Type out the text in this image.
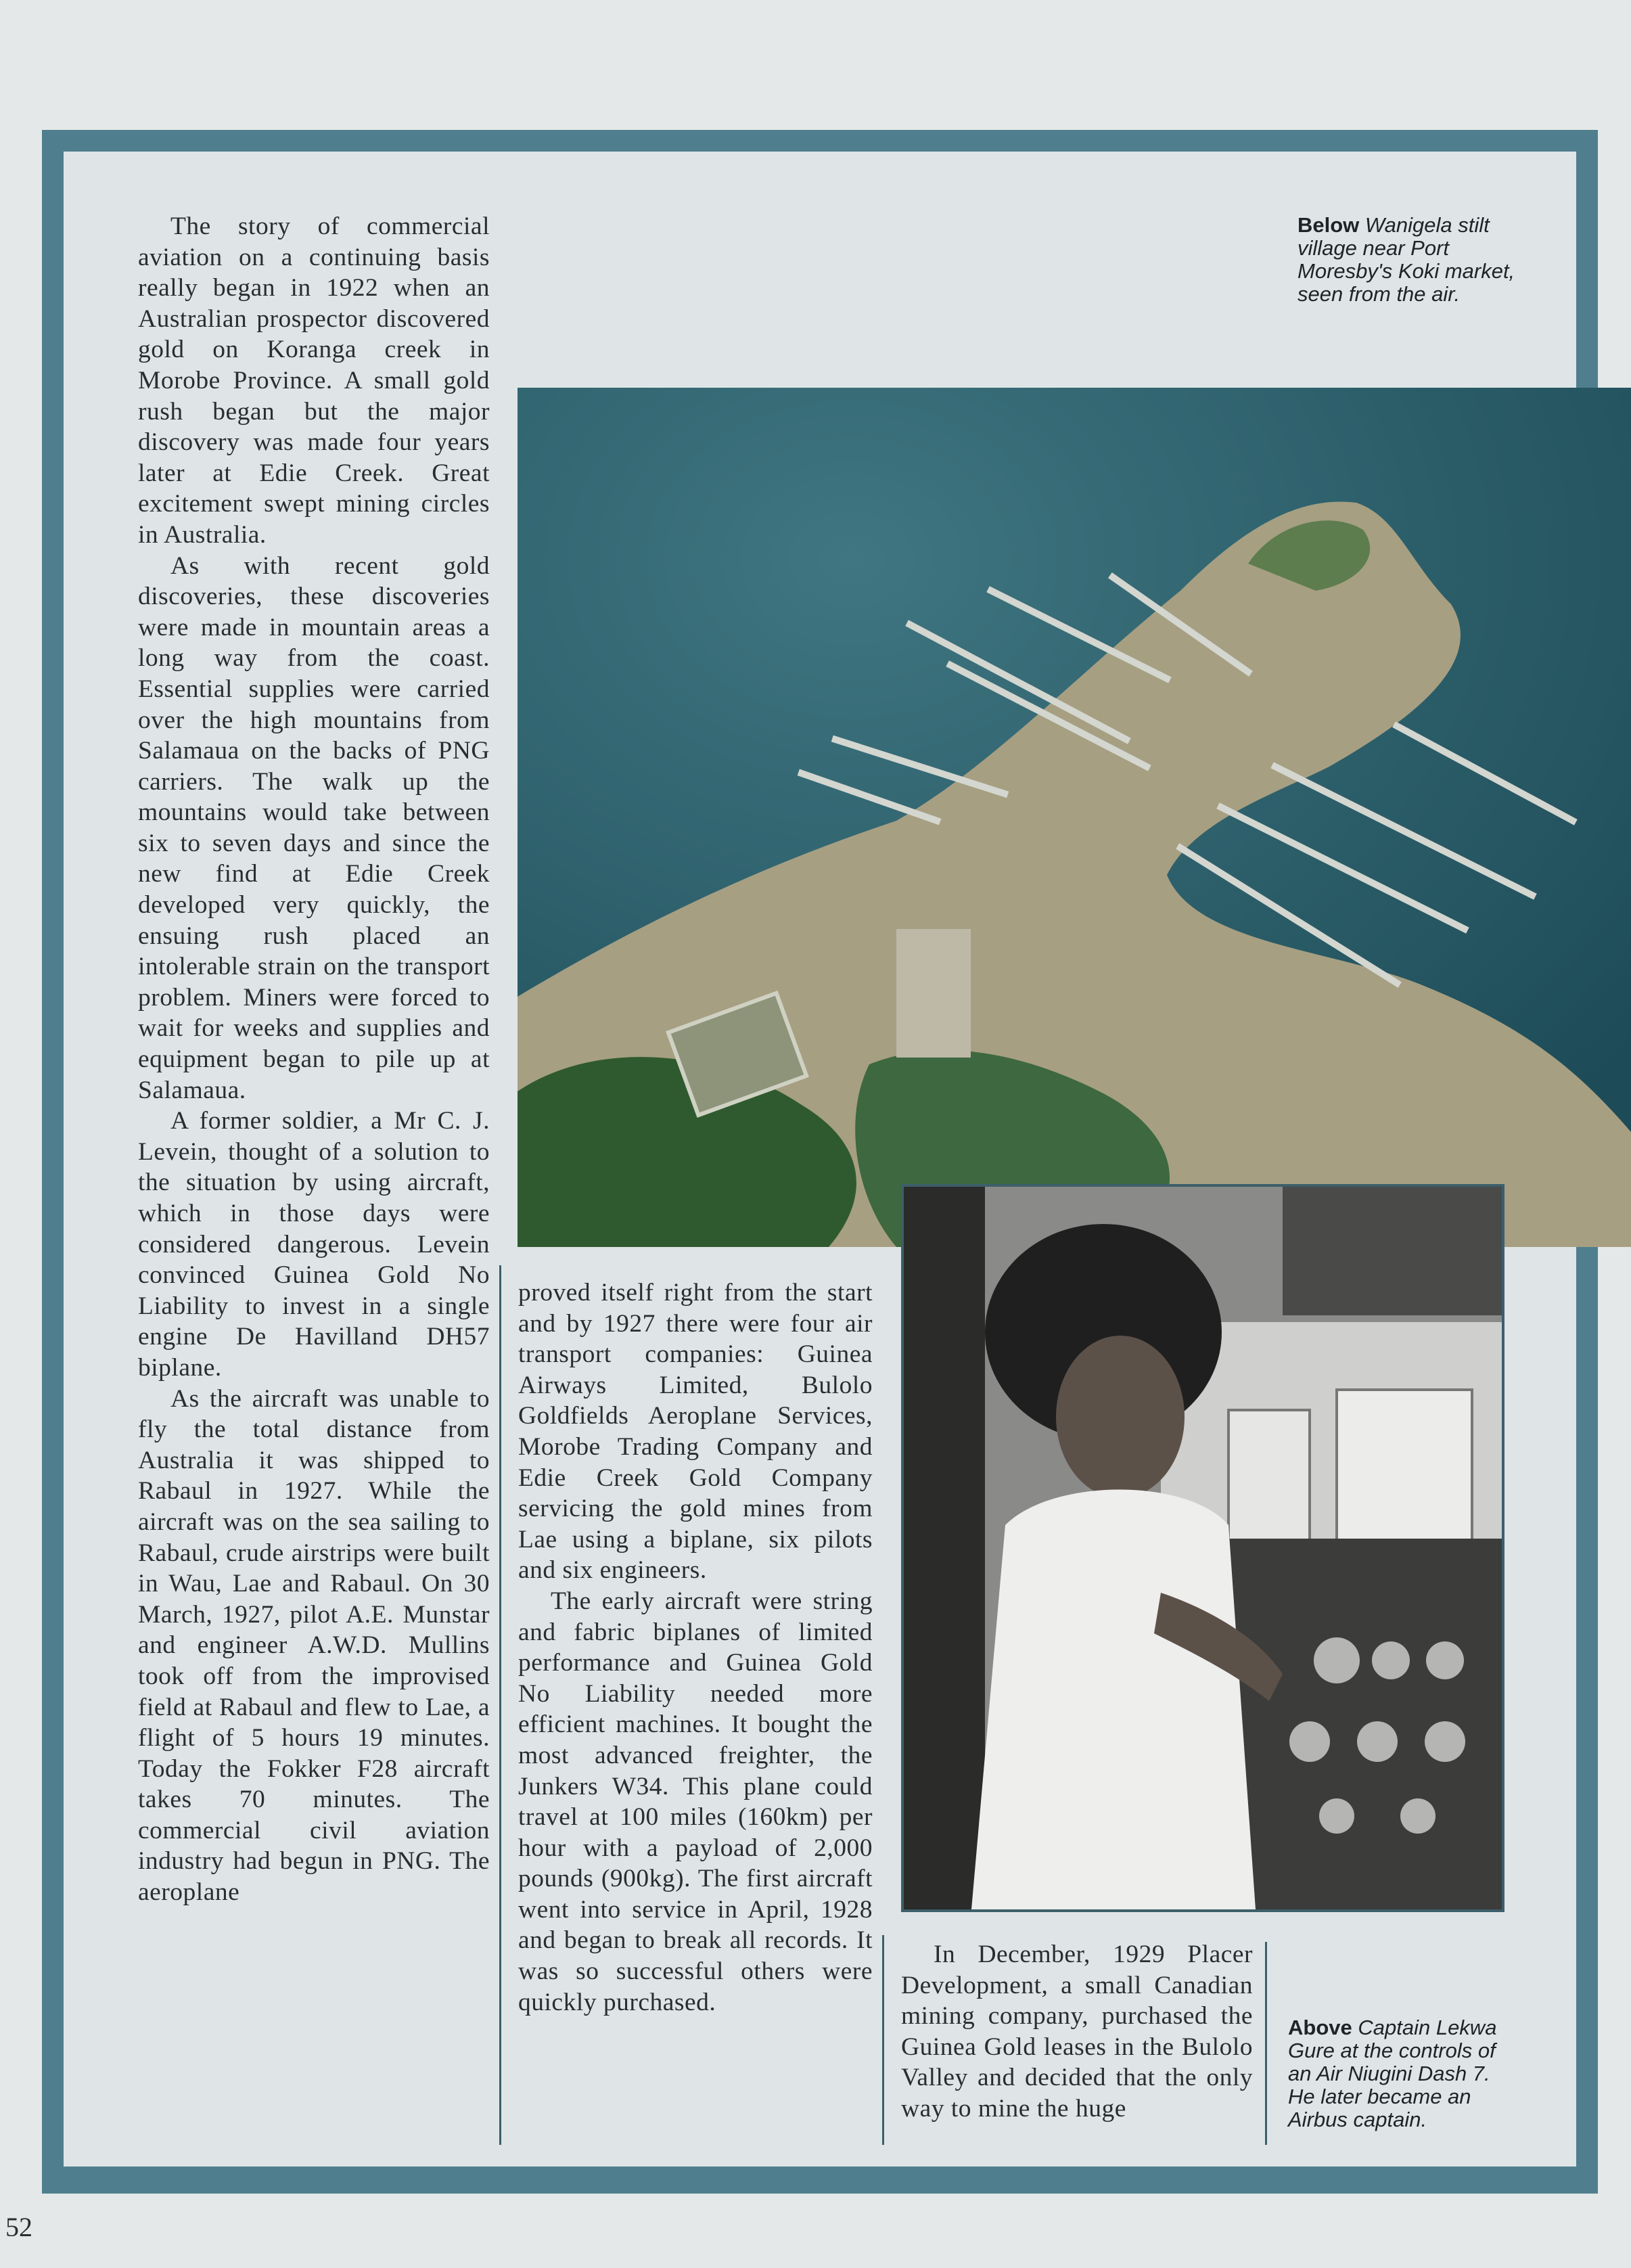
Below Wanigela stilt village near Port Moresby's Koki market, seen from the air.
Above Captain Lekwa Gure at the controls of an Air Niugini Dash 7. He later became an Airbus captain.

The story of commercial aviation on a continuing basis really began in 1922 when an Australian prospector discovered gold on Koranga creek in Morobe Province. A small gold rush began but the major discovery was made four years later at Edie Creek. Great excitement swept mining circles in Australia.

As with recent gold discoveries, these discoveries were made in mountain areas a long way from the coast. Essential supplies were carried over the high mountains from Salamaua on the backs of PNG carriers. The walk up the mountains would take between six to seven days and since the new find at Edie Creek developed very quickly, the ensuing rush placed an intolerable strain on the transport problem. Miners were forced to wait for weeks and supplies and equipment began to pile up at Salamaua.

A former soldier, a Mr C. J. Levein, thought of a solution to the situation by using aircraft, which in those days were considered dangerous. Levein convinced Guinea Gold No Liability to invest in a single engine De Havilland DH57 biplane.

As the aircraft was unable to fly the total distance from Australia it was shipped to Rabaul in 1927. While the aircraft was on the sea sailing to Rabaul, crude airstrips were built in Wau, Lae and Rabaul. On 30 March, 1927, pilot A.E. Munstar and engineer A.W.D. Mullins took off from the improvised field at Rabaul and flew to Lae, a flight of 5 hours 19 minutes. Today the Fokker F28 aircraft takes 70 minutes. The commercial civil aviation industry had begun in PNG. The aeroplane

proved itself right from the start and by 1927 there were four air transport companies: Guinea Airways Limited, Bulolo Goldfields Aeroplane Services, Morobe Trading Company and Edie Creek Gold Company servicing the gold mines from Lae using a biplane, six pilots and six engineers.

The early aircraft were string and fabric biplanes of limited performance and Guinea Gold No Liability needed more efficient machines. It bought the most advanced freighter, the Junkers W34. This plane could travel at 100 miles (160km) per hour with a payload of 2,000 pounds (900kg). The first aircraft went into service in April, 1928 and began to break all records. It was so successful others were quickly purchased.

In December, 1929 Placer Development, a small Canadian mining company, purchased the Guinea Gold leases in the Bulolo Valley and decided that the only way to mine the huge

52
